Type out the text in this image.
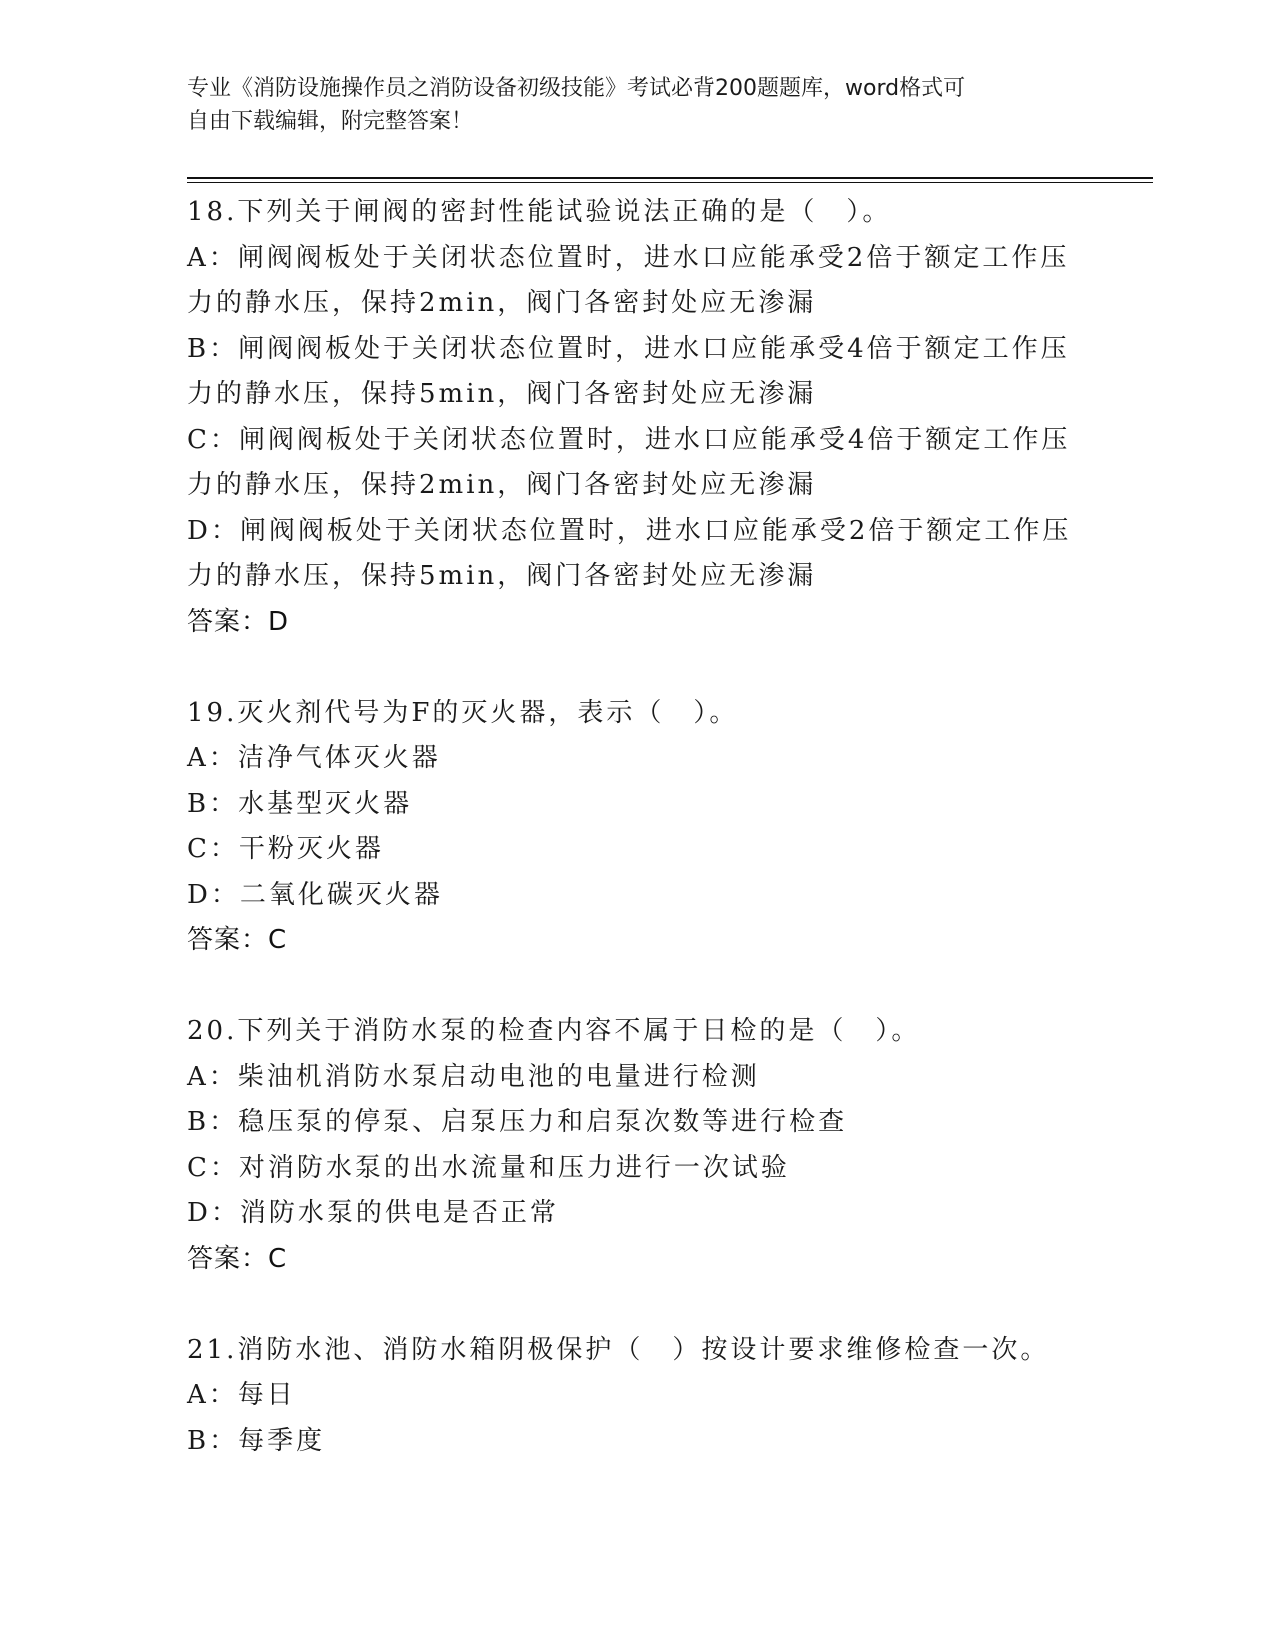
专业《消防设施操作员之消防设备初级技能》考试必背200题题库，word格式可
自由下载编辑，附完整答案！
18.下列关于闸阀的密封性能试验说法正确的是（　）。
A：闸阀阀板处于关闭状态位置时，进水口应能承受2倍于额定工作压
力的静水压，保持2min，阀门各密封处应无渗漏
B：闸阀阀板处于关闭状态位置时，进水口应能承受4倍于额定工作压
力的静水压，保持5min，阀门各密封处应无渗漏
C：闸阀阀板处于关闭状态位置时，进水口应能承受4倍于额定工作压
力的静水压，保持2min，阀门各密封处应无渗漏
D：闸阀阀板处于关闭状态位置时，进水口应能承受2倍于额定工作压
力的静水压，保持5min，阀门各密封处应无渗漏
答案：D
19.灭火剂代号为F的灭火器，表示（　）。
A：洁净气体灭火器
B：水基型灭火器
C：干粉灭火器
D：二氧化碳灭火器
答案：C
20.下列关于消防水泵的检查内容不属于日检的是（　）。
A：柴油机消防水泵启动电池的电量进行检测
B：稳压泵的停泵、启泵压力和启泵次数等进行检查
C：对消防水泵的出水流量和压力进行一次试验
D：消防水泵的供电是否正常
答案：C
21.消防水池、消防水箱阴极保护（　）按设计要求维修检查一次。
A：每日
B：每季度
